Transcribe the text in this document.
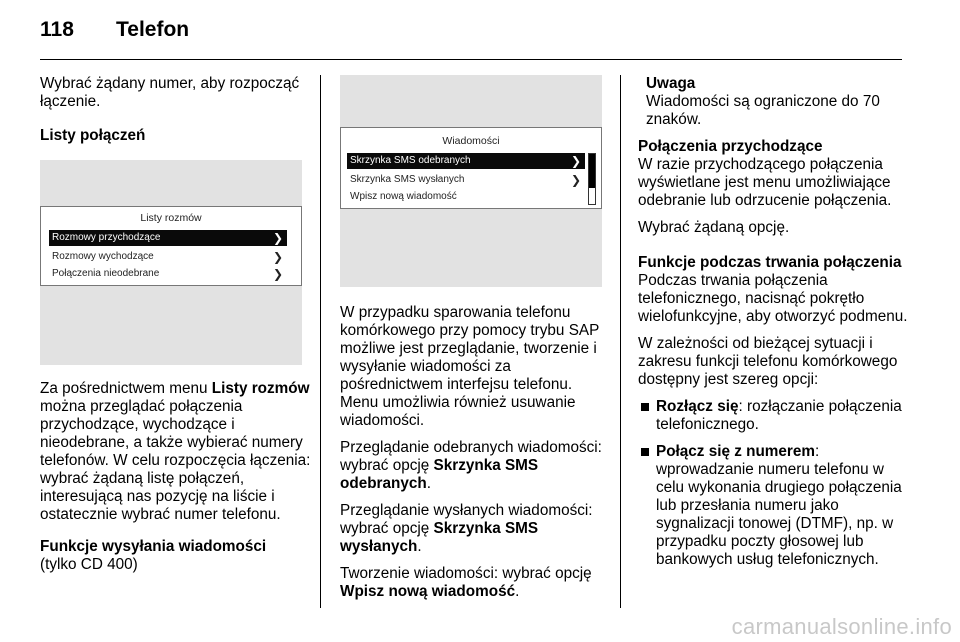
118 Telefon

Wybrać żądany numer, aby rozpocząć łączenie.

Listy połączeń

Listy rozmów
Rozmowy przychodzące	❯
Rozmowy wychodzące	❯
Połączenia nieodebrane	❯

Za pośrednictwem menu Listy rozmów można przeglądać połączenia przychodzące, wychodzące i nieodebrane, a także wybierać numery telefonów. W celu rozpoczęcia łączenia: wybrać żądaną listę połączeń, interesującą nas pozycję na liście i ostatecznie wybrać numer telefonu.

Funkcje wysyłania wiadomości

(tylko CD 400)

Wiadomości
Skrzynka SMS odebranych	❯
Skrzynka SMS wysłanych	❯
Wpisz nową wiadomość

W przypadku sparowania telefonu komórkowego przy pomocy trybu SAP możliwe jest przeglądanie, tworzenie i wysyłanie wiadomości za pośrednictwem interfejsu telefonu. Menu umożliwia również usuwanie wiadomości.

Przeglądanie odebranych wiadomości: wybrać opcję Skrzynka SMS odebranych.

Przeglądanie wysłanych wiadomości: wybrać opcję Skrzynka SMS wysłanych.

Tworzenie wiadomości: wybrać opcję Wpisz nową wiadomość.

Uwaga

Wiadomości są ograniczone do 70 znaków.

Połączenia przychodzące

W razie przychodzącego połączenia wyświetlane jest menu umożliwiające odebranie lub odrzucenie połączenia.

Wybrać żądaną opcję.

Funkcje podczas trwania połączenia

Podczas trwania połączenia telefonicznego, nacisnąć pokrętło wielofunkcyjne, aby otworzyć podmenu.

W zależności od bieżącej sytuacji i zakresu funkcji telefonu komórkowego dostępny jest szereg opcji:

Rozłącz się: rozłączanie połączenia telefonicznego.
Połącz się z numerem: wprowadzanie numeru telefonu w celu wykonania drugiego połączenia lub przesłania numeru jako sygnalizacji tonowej (DTMF), np. w przypadku poczty głosowej lub bankowych usług telefonicznych.
carmanualsonline.info
